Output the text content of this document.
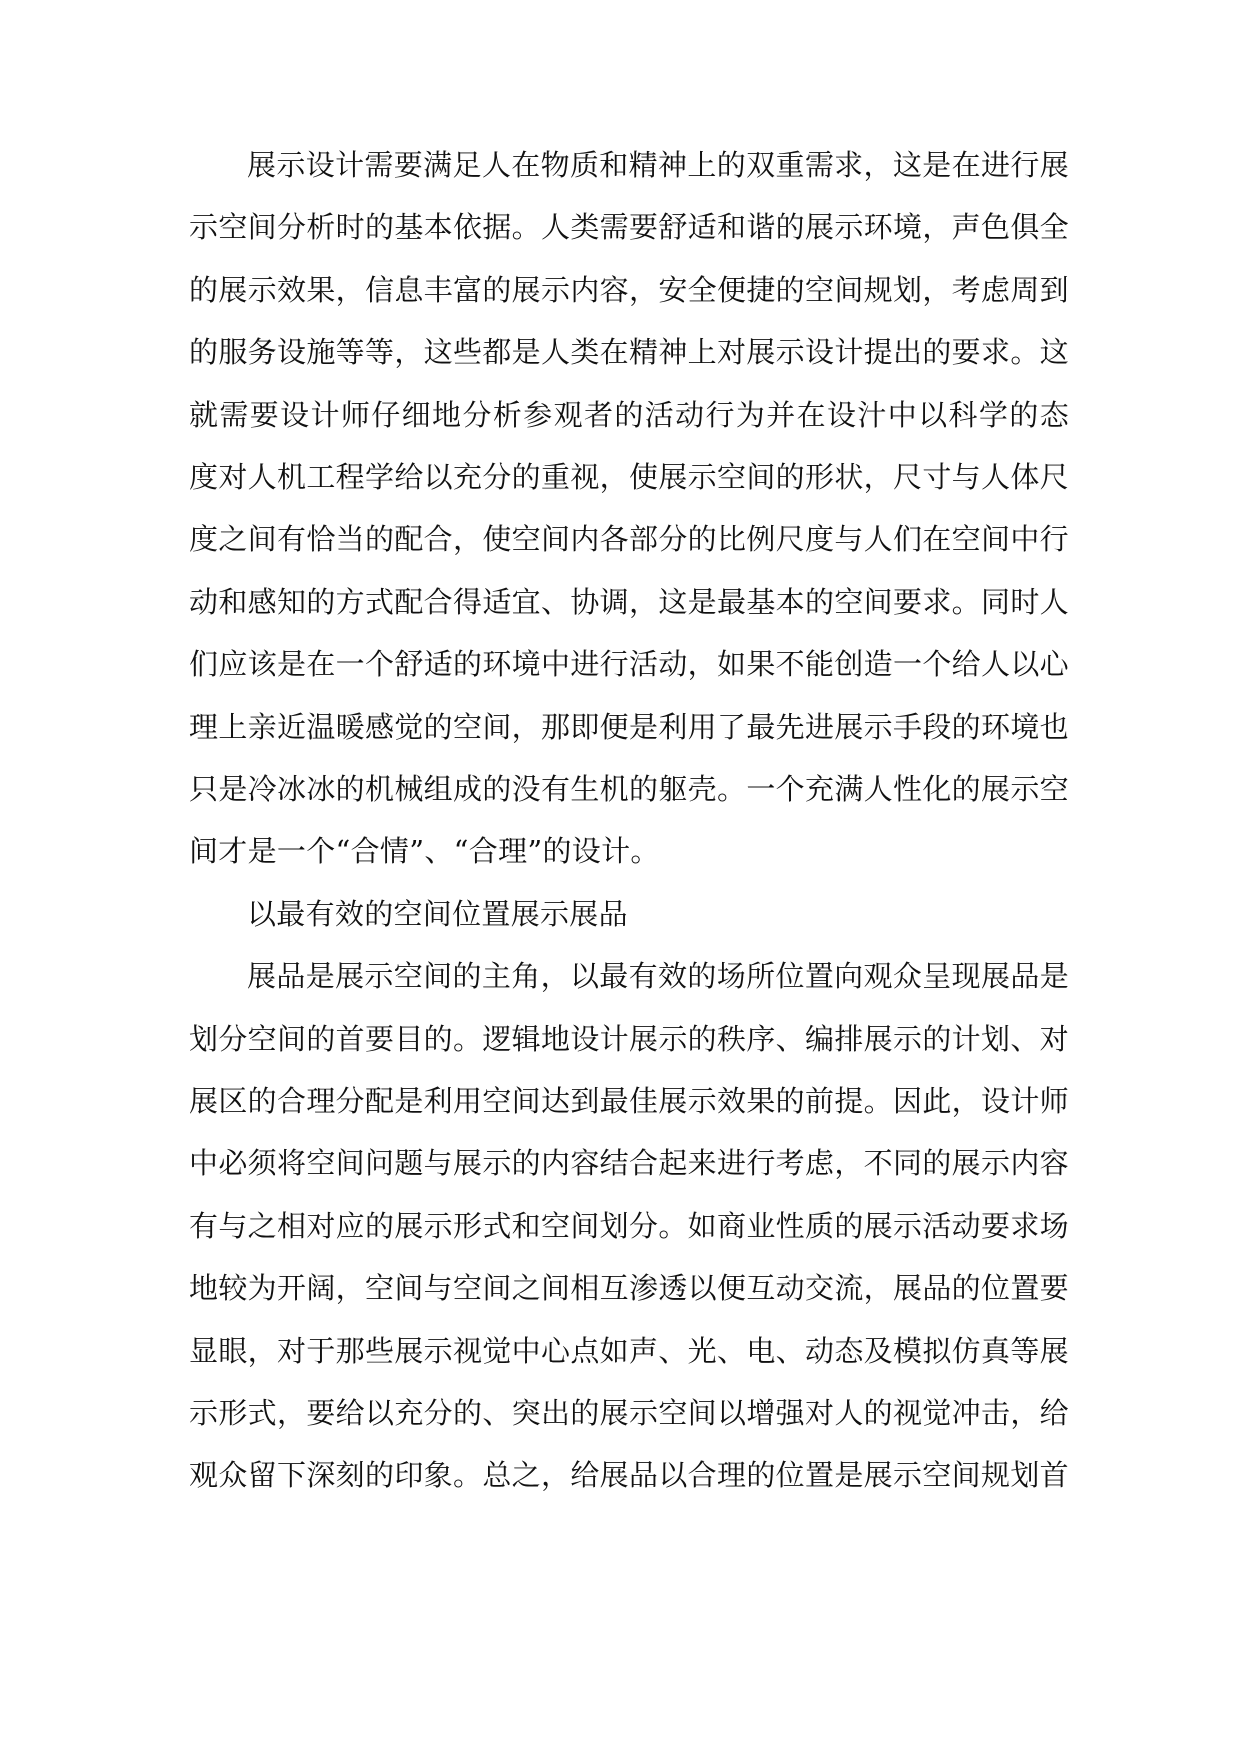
展示设计需要满足人在物质和精神上的双重需求，这是在进行展
示空间分析时的基本依据。人类需要舒适和谐的展示环境，声色俱全
的展示效果，信息丰富的展示内容，安全便捷的空间规划，考虑周到
的服务设施等等，这些都是人类在精神上对展示设计提出的要求。这
就需要设计师仔细地分析参观者的活动行为并在设汁中以科学的态
度对人机工程学给以充分的重视，使展示空间的形状，尺寸与人体尺
度之间有恰当的配合，使空间内各部分的比例尺度与人们在空间中行
动和感知的方式配合得适宜、协调，这是最基本的空间要求。同时人
们应该是在一个舒适的环境中进行活动，如果不能创造一个给人以心
理上亲近温暖感觉的空间，那即便是利用了最先进展示手段的环境也
只是冷冰冰的机械组成的没有生机的躯壳。一个充满人性化的展示空
间才是一个“合情”、“合理”的设计。
以最有效的空间位置展示展品
展品是展示空间的主角，以最有效的场所位置向观众呈现展品是
划分空间的首要目的。逻辑地设计展示的秩序、编排展示的计划、对
展区的合理分配是利用空间达到最佳展示效果的前提。因此，设计师
中必须将空间问题与展示的内容结合起来进行考虑，不同的展示内容
有与之相对应的展示形式和空间划分。如商业性质的展示活动要求场
地较为开阔，空间与空间之间相互渗透以便互动交流，展品的位置要
显眼，对于那些展示视觉中心点如声、光、电、动态及模拟仿真等展
示形式，要给以充分的、突出的展示空间以增强对人的视觉冲击，给
观众留下深刻的印象。总之，给展品以合理的位置是展示空间规划首
